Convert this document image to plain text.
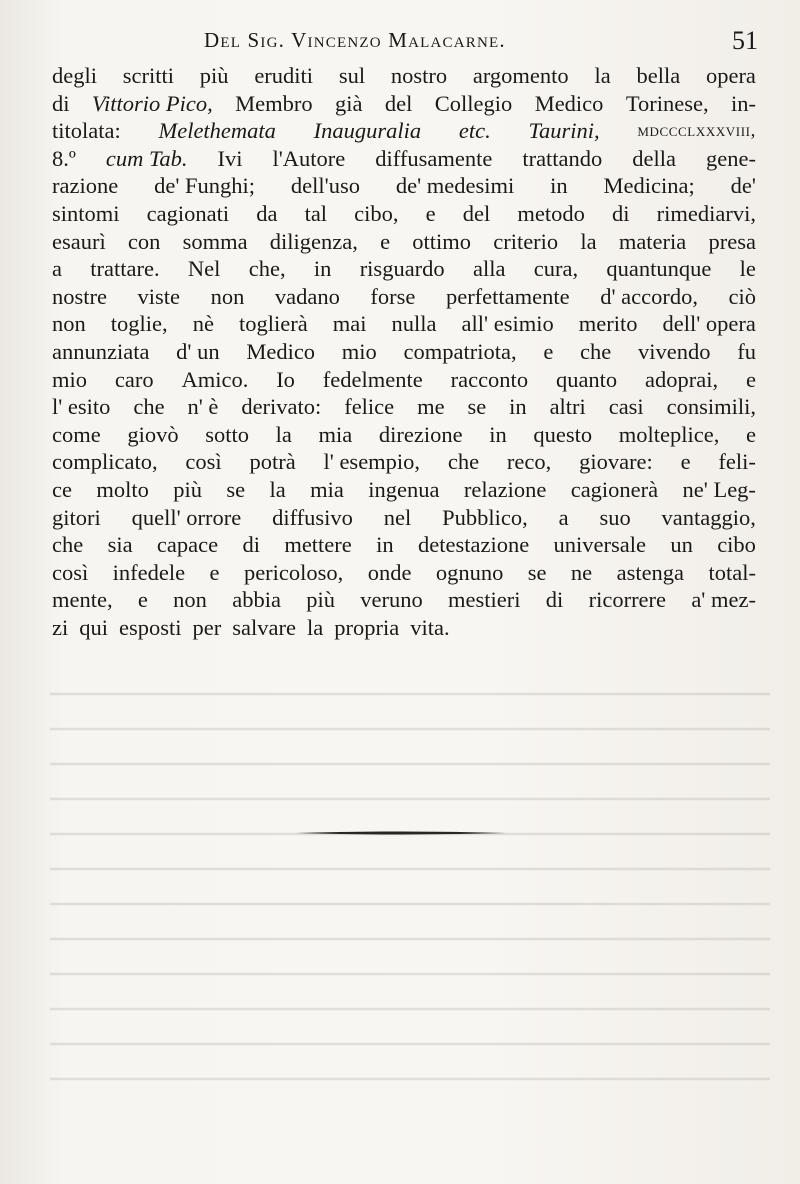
Del Sig. Vincenzo Malacarne.	51
degli scritti più eruditi sul nostro argomento la bella opera
di Vittorio Pico, Membro già del Collegio Medico Torinese, in-
titolata: Melethemata Inauguralia etc. Taurini, mdccclxxxviii,
8.º cum Tab. Ivi l'Autore diffusamente trattando della gene-
razione de' Funghi; dell'uso de' medesimi in Medicina; de'
sintomi cagionati da tal cibo, e del metodo di rimediarvi,
esaurì con somma diligenza, e ottimo criterio la materia presa
a trattare. Nel che, in risguardo alla cura, quantunque le
nostre viste non vadano forse perfettamente d' accordo, ciò
non toglie, nè toglierà mai nulla all' esimio merito dell' opera
annunziata d' un Medico mio compatriota, e che vivendo fu
mio caro Amico. Io fedelmente racconto quanto adoprai, e
l' esito che n' è derivato: felice me se in altri casi consimili,
come giovò sotto la mia direzione in questo molteplice, e
complicato, così potrà l' esempio, che reco, giovare: e feli-
ce molto più se la mia ingenua relazione cagionerà ne' Leg-
gitori quell' orrore diffusivo nel Pubblico, a suo vantaggio,
che sia capace di mettere in detestazione universale un cibo
così infedele e pericoloso, onde ognuno se ne astenga total-
mente, e non abbia più veruno mestieri di ricorrere a' mez-
zi qui esposti per salvare la propria vita.
